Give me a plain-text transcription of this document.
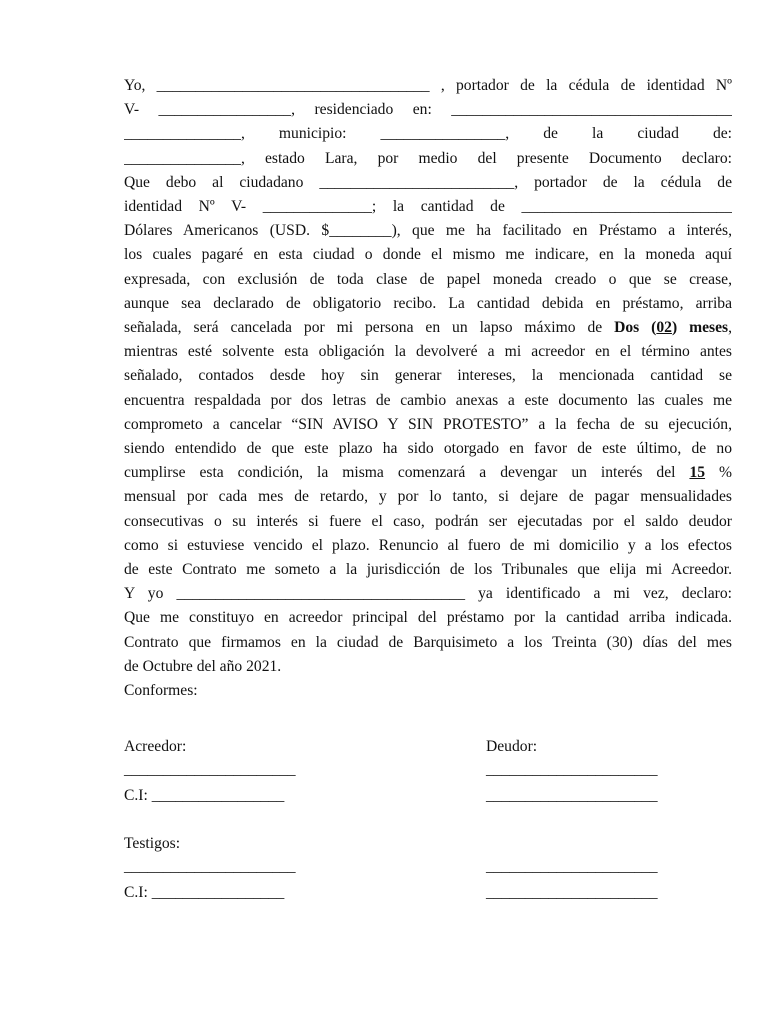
Yo, ___________________________________ , portador de la cédula de identidad Nº
V- _________________, residenciado en: ____________________________________
_______________, municipio: ________________, de la ciudad de:
_______________, estado Lara, por medio del presente Documento declaro:
Que debo al ciudadano _________________________, portador de la cédula de
identidad Nº V- ______________; la cantidad de ___________________________
Dólares Americanos (USD. $________), que me ha facilitado en Préstamo a interés,
los cuales pagaré en esta ciudad o donde el mismo me indicare, en la moneda aquí
expresada, con exclusión de toda clase de papel moneda creado o que se crease,
aunque sea declarado de obligatorio recibo. La cantidad debida en préstamo, arriba
señalada, será cancelada por mi persona en un lapso máximo de Dos (02) meses,
mientras esté solvente esta obligación la devolveré a mi acreedor en el término antes
señalado, contados desde hoy sin generar intereses, la mencionada cantidad se
encuentra respaldada por dos letras de cambio anexas a este documento las cuales me
comprometo a cancelar “SIN AVISO Y SIN PROTESTO” a la fecha de su ejecución,
siendo entendido de que este plazo ha sido otorgado en favor de este último, de no
cumplirse esta condición, la misma comenzará a devengar un interés del 15 %
mensual por cada mes de retardo, y por lo tanto, si dejare de pagar mensualidades
consecutivas o su interés si fuere el caso, podrán ser ejecutadas por el saldo deudor
como si estuviese vencido el plazo. Renuncio al fuero de mi domicilio y a los efectos
de este Contrato me someto a la jurisdicción de los Tribunales que elija mi Acreedor.
Y yo _____________________________________ ya identificado a mi vez, declaro:
Que me constituyo en acreedor principal del préstamo por la cantidad arriba indicada.
Contrato que firmamos en la ciudad de Barquisimeto a los Treinta (30) días del mes
de Octubre del año 2021.
Conformes:
Acreedor:	Deudor:
______________________	______________________
C.I: _________________	______________________
Testigos:
______________________	______________________
C.I: _________________	______________________
